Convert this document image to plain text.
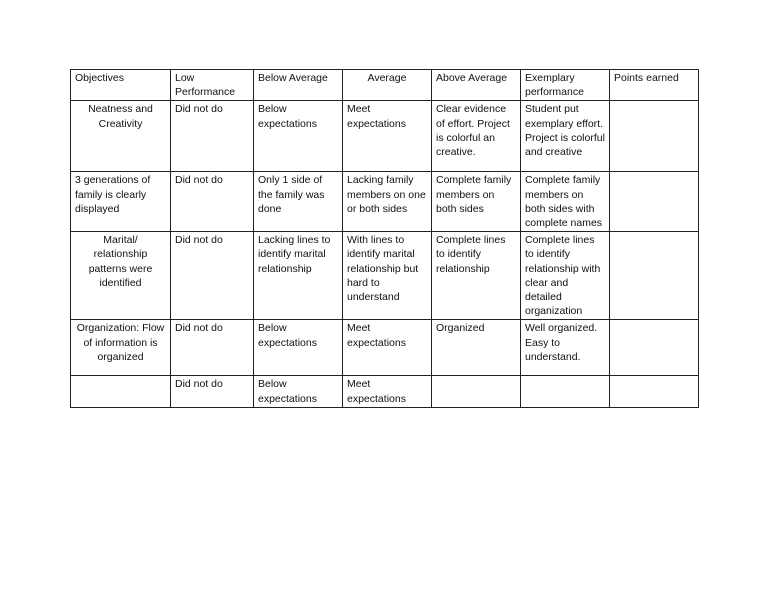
Objectives	Low Performance	Below Average	Average	Above Average	Exemplary performance	Points earned
Neatness and Creativity	Did not do	Below expectations	Meet expectations	Clear evidence of effort. Project is colorful an creative.	Student put exemplary effort. Project is colorful and creative	
3 generations of family is clearly displayed	Did not do	Only 1 side of the family was done	Lacking family members on one or both sides	Complete family members on both sides	Complete family members on both sides with complete names	
Marital/ relationship patterns were identified	Did not do	Lacking lines to identify marital relationship	With lines to identify marital relationship but hard to understand	Complete lines to identify relationship	Complete lines to identify relationship with clear and detailed organization	
Organization: Flow of information is organized	Did not do	Below expectations	Meet expectations	Organized	Well organized. Easy to understand.	
	Did not do	Below expectations	Meet expectations			
